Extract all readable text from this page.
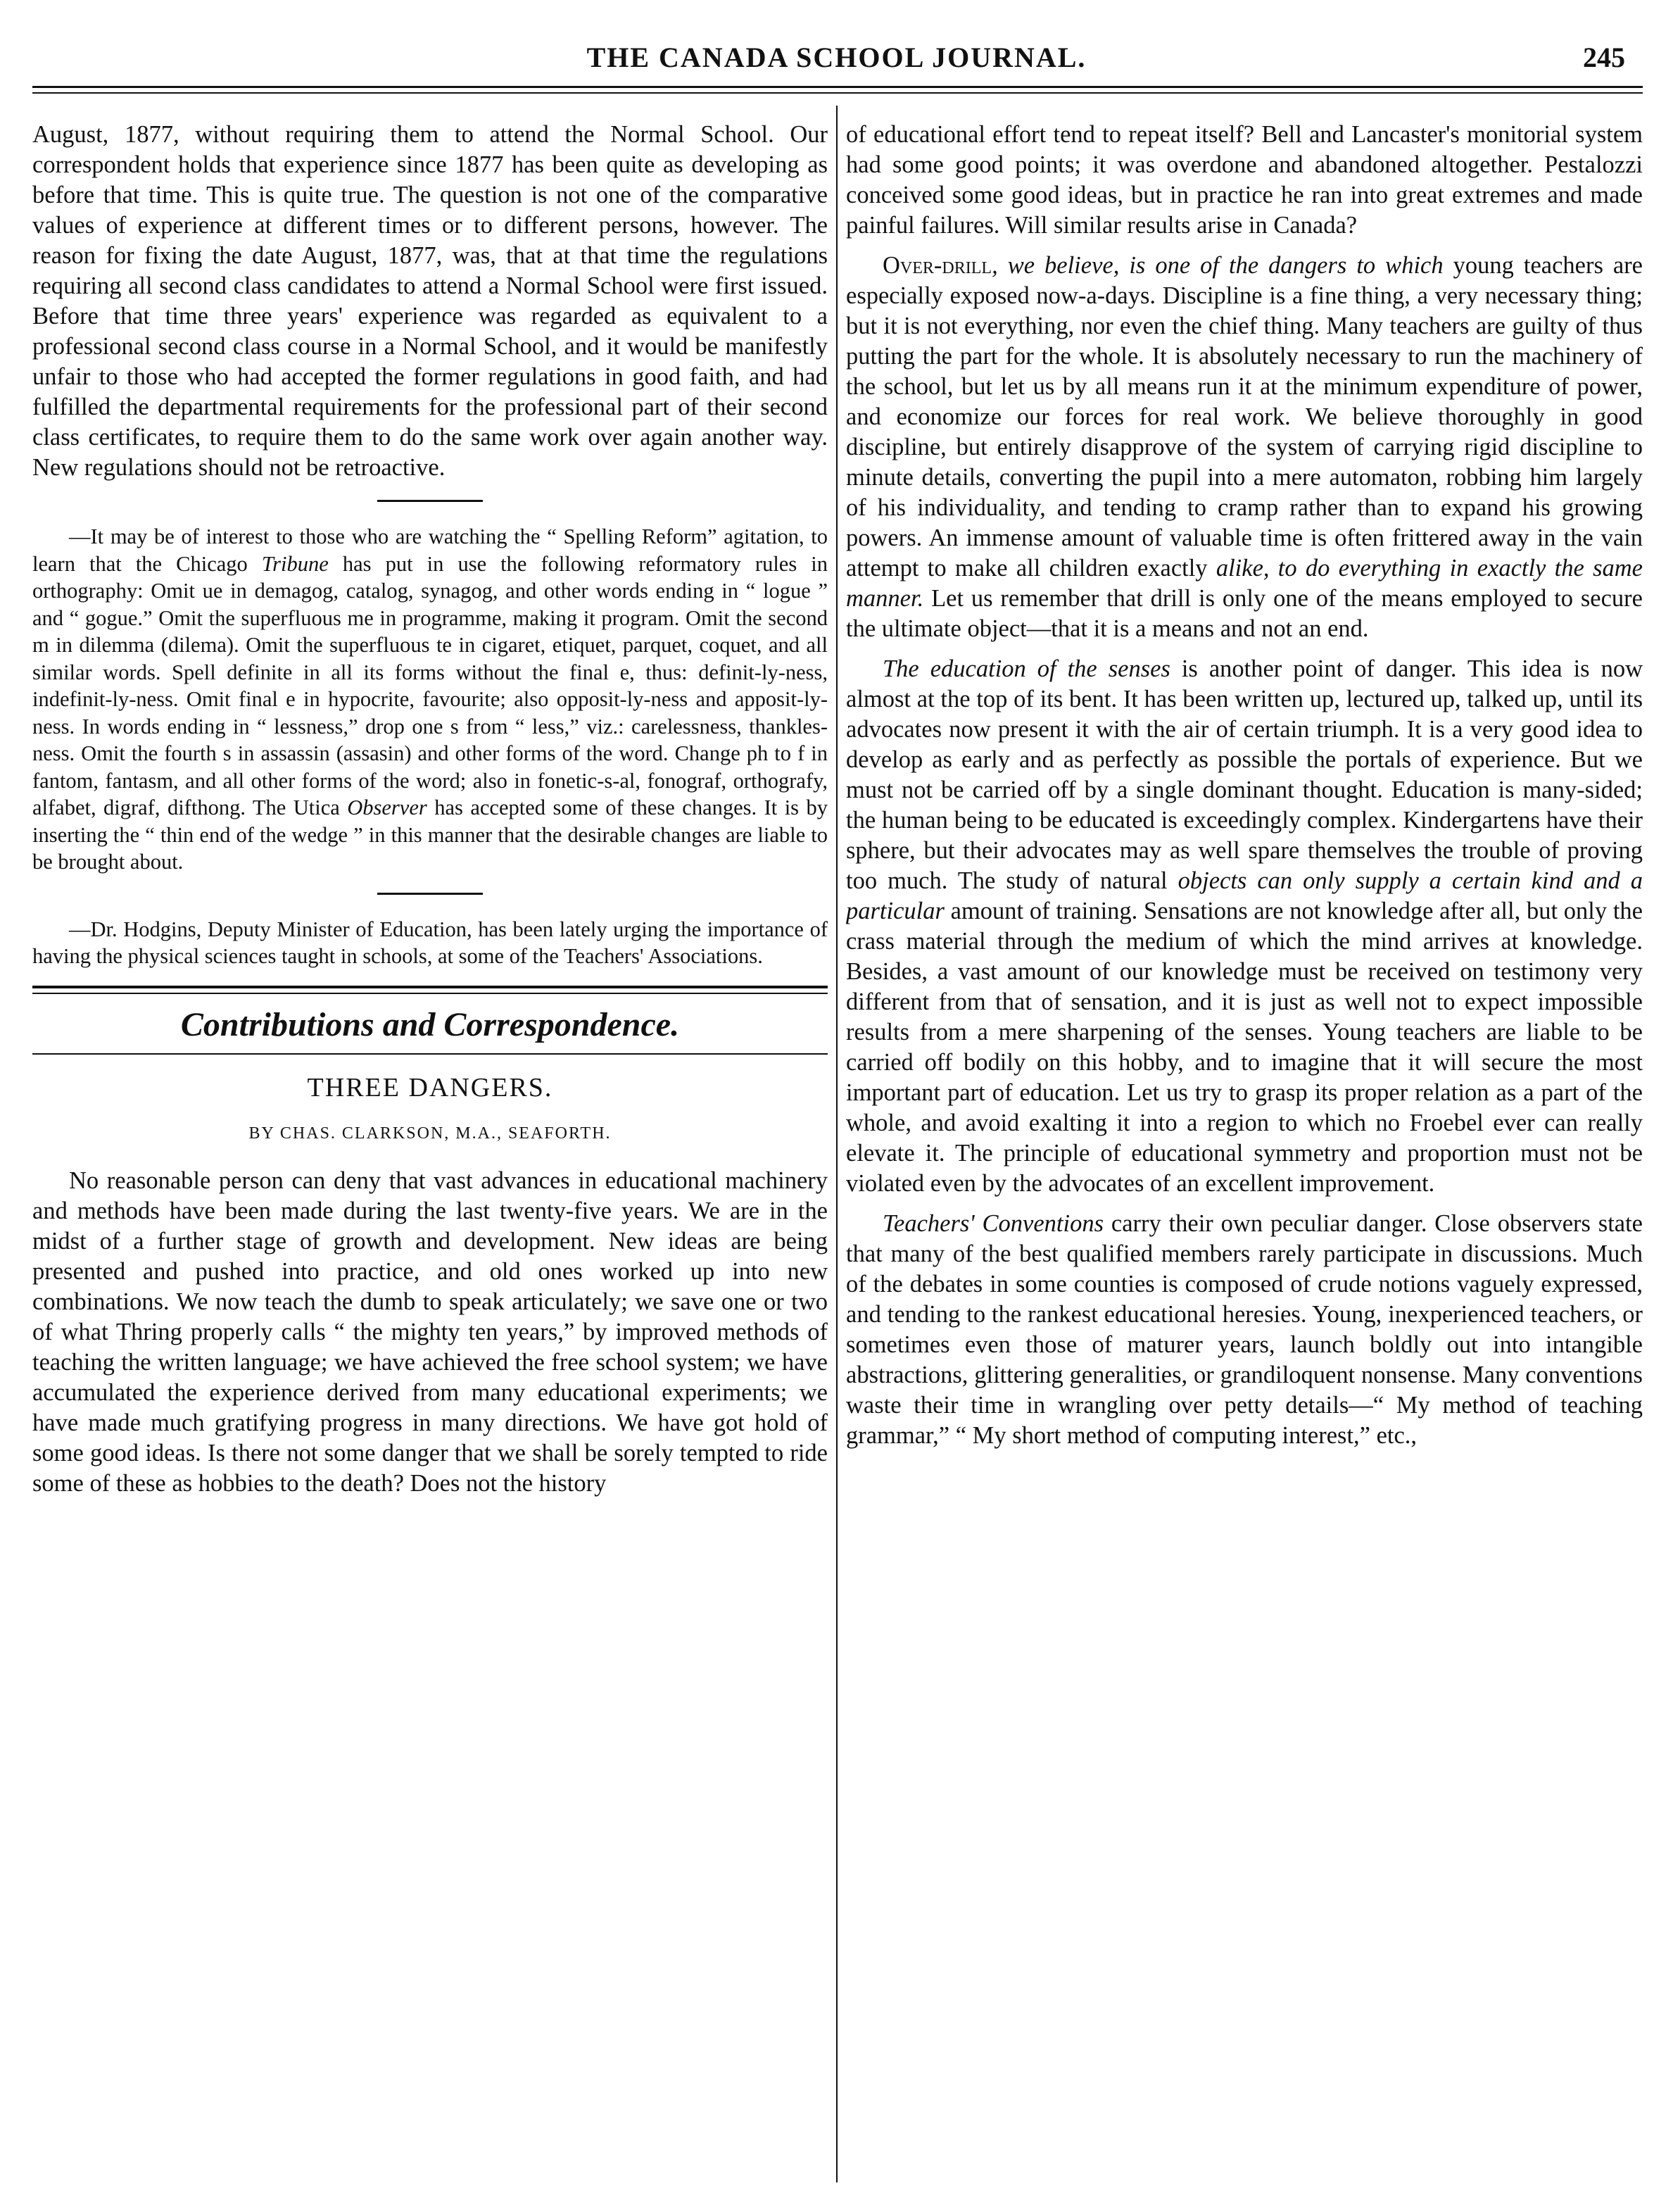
THE CANADA SCHOOL JOURNAL.	245

August, 1877, without requiring them to attend the Normal School. Our correspondent holds that experience since 1877 has been quite as developing as before that time. This is quite true. The question is not one of the comparative values of experience at different times or to different persons, however. The reason for fixing the date August, 1877, was, that at that time the regulations requiring all second class candidates to attend a Normal School were first issued. Before that time three years' experience was regarded as equivalent to a professional second class course in a Normal School, and it would be manifestly unfair to those who had accepted the former regulations in good faith, and had fulfilled the departmental requirements for the professional part of their second class certificates, to require them to do the same work over again another way. New regulations should not be retroactive.

—It may be of interest to those who are watching the “ Spelling Reform” agitation, to learn that the Chicago Tribune has put in use the following reformatory rules in orthography: Omit ue in demagog, catalog, synagog, and other words ending in “ logue ” and “ gogue.” Omit the superfluous me in programme, making it program. Omit the second m in dilemma (dilema). Omit the superfluous te in cigaret, etiquet, parquet, coquet, and all similar words. Spell definite in all its forms without the final e, thus: definit-ly-ness, indefinit-ly-ness. Omit final e in hypocrite, favourite; also opposit-ly-ness and apposit-ly-ness. In words ending in “ lessness,” drop one s from “ less,” viz.: carelessness, thanklesness. Omit the fourth s in assassin (assasin) and other forms of the word. Change ph to f in fantom, fantasm, and all other forms of the word; also in fonetic-s-al, fonograf, orthografy, alfabet, digraf, difthong. The Utica Observer has accepted some of these changes. It is by inserting the “ thin end of the wedge ” in this manner that the desirable changes are liable to be brought about.

—Dr. Hodgins, Deputy Minister of Education, has been lately urging the importance of having the physical sciences taught in schools, at some of the Teachers' Associations.

Contributions and Correspondence.
THREE DANGERS.
BY CHAS. CLARKSON, M.A., SEAFORTH.

No reasonable person can deny that vast advances in educational machinery and methods have been made during the last twenty-five years. We are in the midst of a further stage of growth and development. New ideas are being presented and pushed into practice, and old ones worked up into new combinations. We now teach the dumb to speak articulately; we save one or two of what Thring properly calls “ the mighty ten years,” by improved methods of teaching the written language; we have achieved the free school system; we have accumulated the experience derived from many educational experiments; we have made much gratifying progress in many directions. We have got hold of some good ideas. Is there not some danger that we shall be sorely tempted to ride some of these as hobbies to the death? Does not the history

of educational effort tend to repeat itself? Bell and Lancaster's monitorial system had some good points; it was overdone and abandoned altogether. Pestalozzi conceived some good ideas, but in practice he ran into great extremes and made painful failures. Will similar results arise in Canada?

Over-drill, we believe, is one of the dangers to which young teachers are especially exposed now-a-days. Discipline is a fine thing, a very necessary thing; but it is not everything, nor even the chief thing. Many teachers are guilty of thus putting the part for the whole. It is absolutely necessary to run the machinery of the school, but let us by all means run it at the minimum expenditure of power, and economize our forces for real work. We believe thoroughly in good discipline, but entirely disapprove of the system of carrying rigid discipline to minute details, converting the pupil into a mere automaton, robbing him largely of his individuality, and tending to cramp rather than to expand his growing powers. An immense amount of valuable time is often frittered away in the vain attempt to make all children exactly alike, to do everything in exactly the same manner. Let us remember that drill is only one of the means employed to secure the ultimate object—that it is a means and not an end.

The education of the senses is another point of danger. This idea is now almost at the top of its bent. It has been written up, lectured up, talked up, until its advocates now present it with the air of certain triumph. It is a very good idea to develop as early and as perfectly as possible the portals of experience. But we must not be carried off by a single dominant thought. Education is many-sided; the human being to be educated is exceedingly complex. Kindergartens have their sphere, but their advocates may as well spare themselves the trouble of proving too much. The study of natural objects can only supply a certain kind and a particular amount of training. Sensations are not knowledge after all, but only the crass material through the medium of which the mind arrives at knowledge. Besides, a vast amount of our knowledge must be received on testimony very different from that of sensation, and it is just as well not to expect impossible results from a mere sharpening of the senses. Young teachers are liable to be carried off bodily on this hobby, and to imagine that it will secure the most important part of education. Let us try to grasp its proper relation as a part of the whole, and avoid exalting it into a region to which no Froebel ever can really elevate it. The principle of educational symmetry and proportion must not be violated even by the advocates of an excellent improvement.

Teachers' Conventions carry their own peculiar danger. Close observers state that many of the best qualified members rarely participate in discussions. Much of the debates in some counties is composed of crude notions vaguely expressed, and tending to the rankest educational heresies. Young, inexperienced teachers, or sometimes even those of maturer years, launch boldly out into intangible abstractions, glittering generalities, or grandiloquent nonsense. Many conventions waste their time in wrangling over petty details—“ My method of teaching grammar,” “ My short method of computing interest,” etc.,
